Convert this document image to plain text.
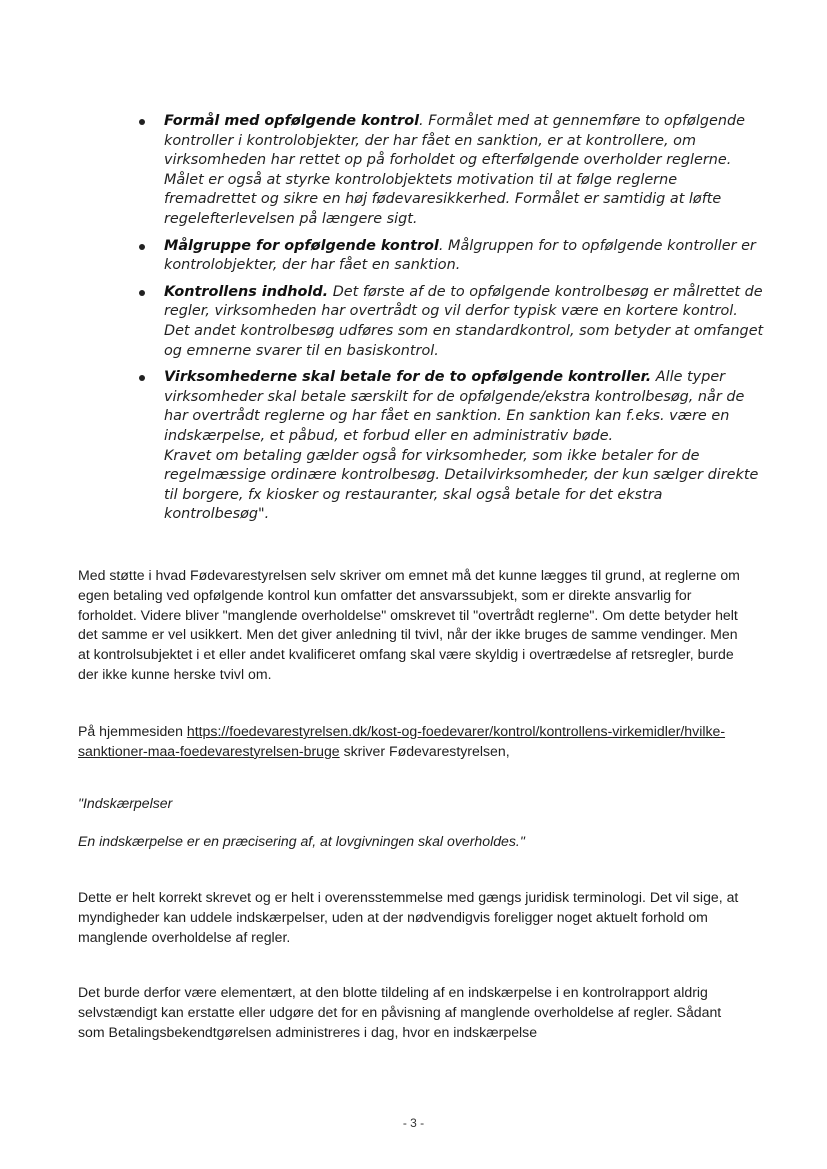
Formål med opfølgende kontrol. Formålet med at gennemføre to opfølgende kontroller i kontrolobjekter, der har fået en sanktion, er at kontrollere, om virksomheden har rettet op på forholdet og efterfølgende overholder reglerne. Målet er også at styrke kontrolobjektets motivation til at følge reglerne fremadrettet og sikre en høj fødevaresikkerhed. Formålet er samtidig at løfte regelefterlevelsen på længere sigt.
Målgruppe for opfølgende kontrol. Målgruppen for to opfølgende kontroller er kontrolobjekter, der har fået en sanktion.
Kontrollens indhold. Det første af de to opfølgende kontrolbesøg er målrettet de regler, virksomheden har overtrådt og vil derfor typisk være en kortere kontrol. Det andet kontrolbesøg udføres som en standardkontrol, som betyder at omfanget og emnerne svarer til en basiskontrol.
Virksomhederne skal betale for de to opfølgende kontroller. Alle typer virksomheder skal betale særskilt for de opfølgende/ekstra kontrolbesøg, når de har overtrådt reglerne og har fået en sanktion. En sanktion kan f.eks. være en indskærpelse, et påbud, et forbud eller en administrativ bøde.
Kravet om betaling gælder også for virksomheder, som ikke betaler for de regelmæssige ordinære kontrolbesøg. Detailvirksomheder, der kun sælger direkte til borgere, fx kiosker og restauranter, skal også betale for det ekstra kontrolbesøg".

Med støtte i hvad Fødevarestyrelsen selv skriver om emnet må det kunne lægges til grund, at reglerne om egen betaling ved opfølgende kontrol kun omfatter det ansvarssubjekt, som er direkte ansvarlig for forholdet. Videre bliver "manglende overholdelse" omskrevet til "overtrådt reglerne". Om dette betyder helt det samme er vel usikkert. Men det giver anledning til tvivl, når der ikke bruges de samme vendinger. Men at kontrolsubjektet i et eller andet kvalificeret omfang skal være skyldig i overtrædelse af retsregler, burde der ikke kunne herske tvivl om.

På hjemmesiden https://foedevarestyrelsen.dk/kost-og-foedevarer/kontrol/kontrollens-virkemidler/hvilke-sanktioner-maa-foedevarestyrelsen-bruge skriver Fødevarestyrelsen,

"Indskærpelser

En indskærpelse er en præcisering af, at lovgivningen skal overholdes."

Dette er helt korrekt skrevet og er helt i overensstemmelse med gængs juridisk terminologi. Det vil sige, at myndigheder kan uddele indskærpelser, uden at der nødvendigvis foreligger noget aktuelt forhold om manglende overholdelse af regler.

Det burde derfor være elementært, at den blotte tildeling af en indskærpelse i en kontrolrapport aldrig selvstændigt kan erstatte eller udgøre det for en påvisning af manglende overholdelse af regler. Sådant som Betalingsbekendtgørelsen administreres i dag, hvor en indskærpelse

- 3 -
